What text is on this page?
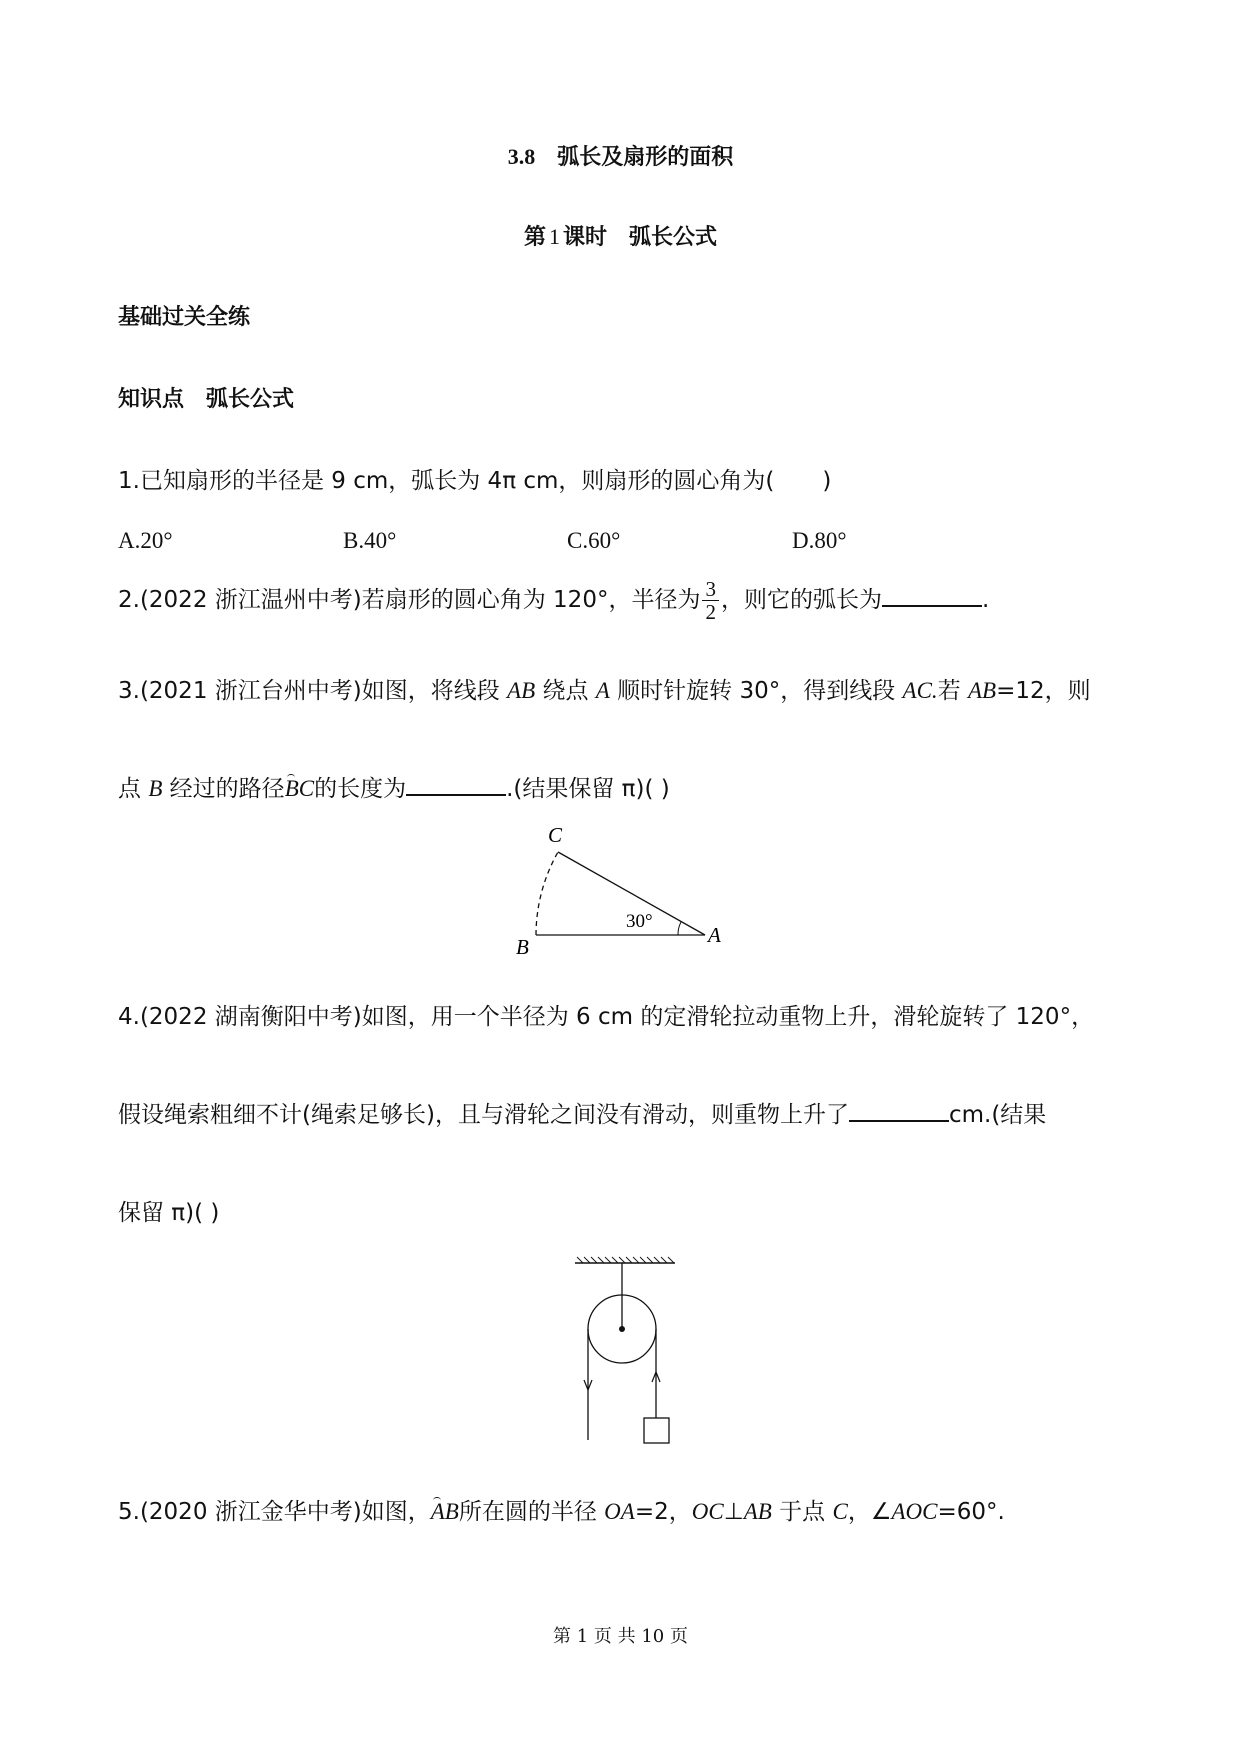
3.8　弧长及扇形的面积
第 1 课时　弧长公式
基础过关全练
知识点　弧长公式
1.已知扇形的半径是 9 cm，弧长为 4π cm，则扇形的圆心角为( )
A.20°	B.40°	C.60°	D.80°
2.(2022 浙江温州中考)若扇形的圆心角为 120°，半径为 $\frac{3}{2}$ ，则它的弧长为	.
3.(2021 浙江台州中考)如图，将线段 AB 绕点 A 顺时针旋转 30°，得到线段 AC.若 AB=12，则
点 B 经过的路径BC的长度为	.(结果保留 π)( )
C
B	A
30°
4.(2022 湖南衡阳中考)如图，用一个半径为 6 cm 的定滑轮拉动重物上升，滑轮旋转了 120°，
假设绳索粗细不计(绳索足够长)，且与滑轮之间没有滑动，则重物上升了	cm.(结果
保留 π)( )
5.(2020 浙江金华中考)如图，AB所在圆的半径 OA=2，OC⊥AB 于点 C，∠AOC=60°.
第 1 页 共 10 页
